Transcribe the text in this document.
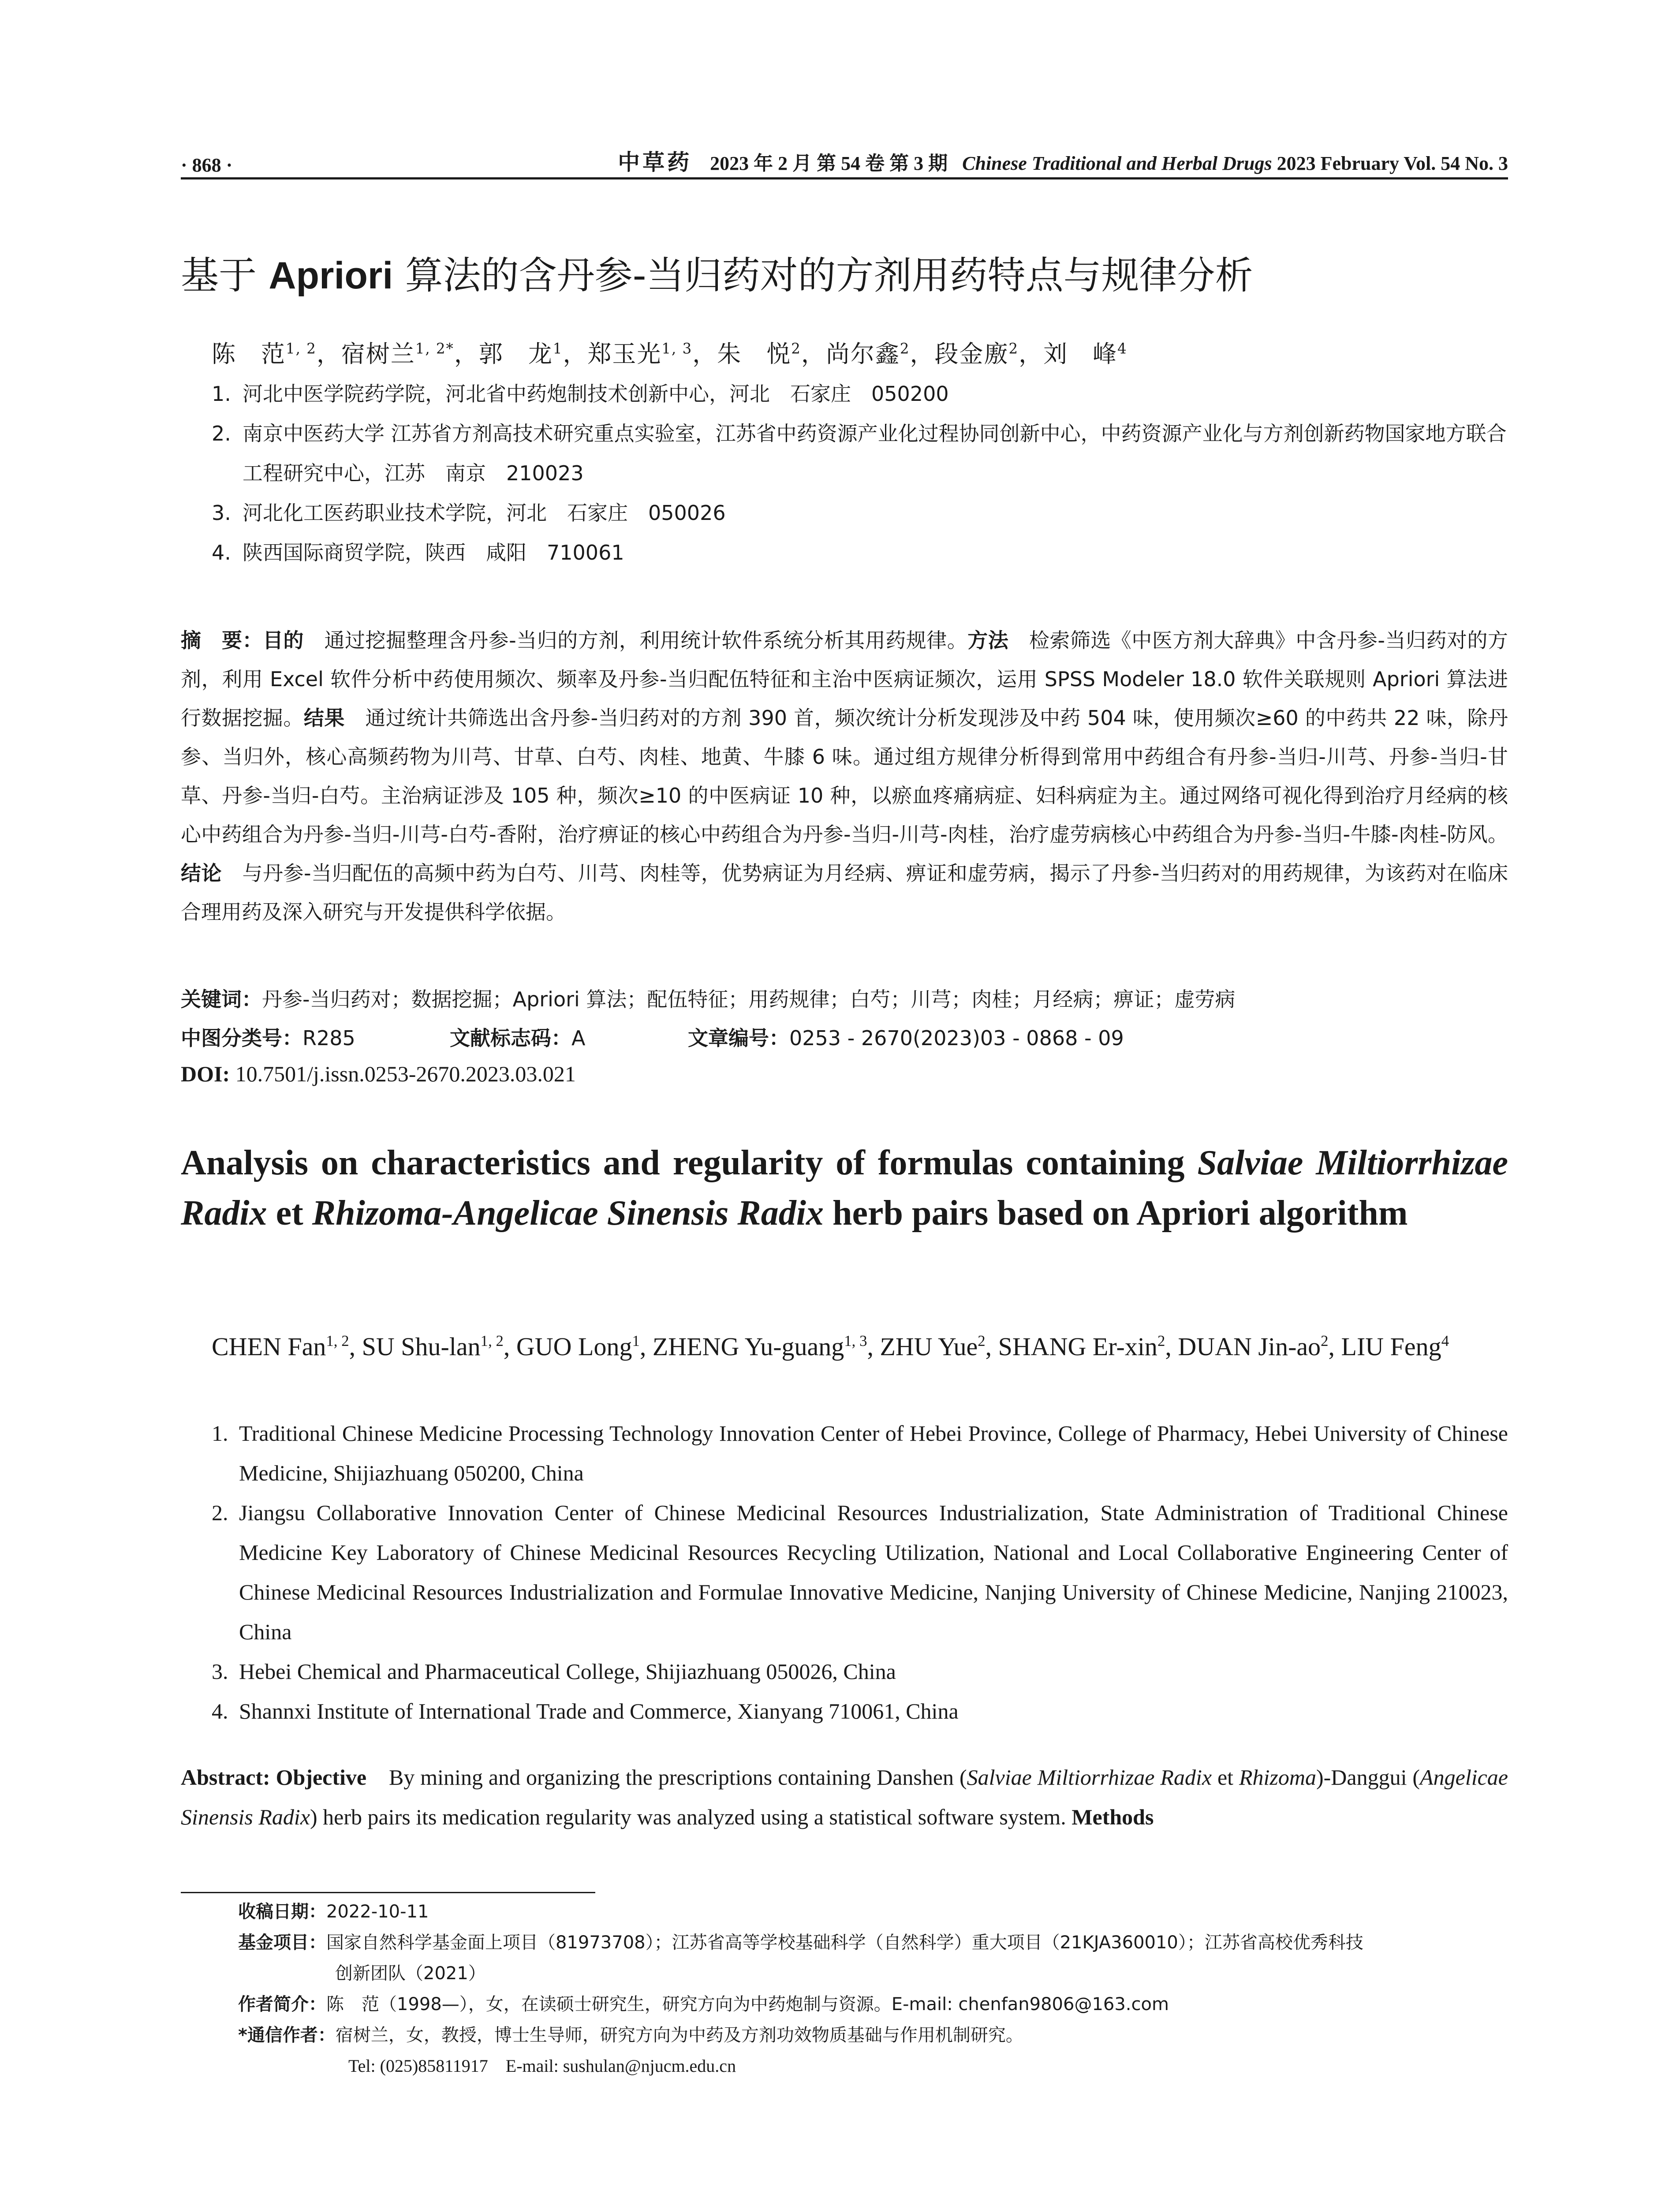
· 868 ·	中草药 2023 年 2 月 第 54 卷 第 3 期 Chinese Traditional and Herbal Drugs 2023 February Vol. 54 No. 3
基于 Apriori 算法的含丹参-当归药对的方剂用药特点与规律分析
陈　范$^{1, 2}$，宿树兰$^{1, 2*}$，郭　龙$^1$，郑玉光$^{1, 3}$，朱　悦$^2$，尚尔鑫$^2$，段金廒$^2$，刘　峰$^4$
1. 河北中医学院药学院，河北省中药炮制技术创新中心，河北　石家庄　050200
2. 南京中医药大学 江苏省方剂高技术研究重点实验室，江苏省中药资源产业化过程协同创新中心，中药资源产业化与方剂创新药物国家地方联合工程研究中心，江苏　南京　210023
3. 河北化工医药职业技术学院，河北　石家庄　050026
4. 陕西国际商贸学院，陕西　咸阳　710061
摘　要：目的　通过挖掘整理含丹参-当归的方剂，利用统计软件系统分析其用药规律。方法　检索筛选《中医方剂大辞典》中含丹参-当归药对的方剂，利用 Excel 软件分析中药使用频次、频率及丹参-当归配伍特征和主治中医病证频次，运用 SPSS Modeler 18.0 软件关联规则 Apriori 算法进行数据挖掘。结果　通过统计共筛选出含丹参-当归药对的方剂 390 首，频次统计分析发现涉及中药 504 味，使用频次≥60 的中药共 22 味，除丹参、当归外，核心高频药物为川芎、甘草、白芍、肉桂、地黄、牛膝 6 味。通过组方规律分析得到常用中药组合有丹参-当归-川芎、丹参-当归-甘草、丹参-当归-白芍。主治病证涉及 105 种，频次≥10 的中医病证 10 种，以瘀血疼痛病症、妇科病症为主。通过网络可视化得到治疗月经病的核心中药组合为丹参-当归-川芎-白芍-香附，治疗痹证的核心中药组合为丹参-当归-川芎-肉桂，治疗虚劳病核心中药组合为丹参-当归-牛膝-肉桂-防风。结论　与丹参-当归配伍的高频中药为白芍、川芎、肉桂等，优势病证为月经病、痹证和虚劳病，揭示了丹参-当归药对的用药规律，为该药对在临床合理用药及深入研究与开发提供科学依据。
关键词：丹参-当归药对；数据挖掘；Apriori 算法；配伍特征；用药规律；白芍；川芎；肉桂；月经病；痹证；虚劳病
中图分类号：R285	文献标志码：A	文章编号：0253 - 2670(2023)03 - 0868 - 09
DOI: 10.7501/j.issn.0253-2670.2023.03.021
Analysis on characteristics and regularity of formulas containing Salviae Miltiorrhizae Radix et Rhizoma-Angelicae Sinensis Radix herb pairs based on Apriori algorithm
CHEN Fan$^{1, 2}$, SU Shu-lan$^{1, 2}$, GUO Long$^1$, ZHENG Yu-guang$^{1, 3}$, ZHU Yue$^2$, SHANG Er-xin$^2$, DUAN Jin-$ao^2$, LIU Feng$^4$
1. Traditional Chinese Medicine Processing Technology Innovation Center of Hebei Province, College of Pharmacy, Hebei University of Chinese Medicine, Shijiazhuang 050200, China
2. Jiangsu Collaborative Innovation Center of Chinese Medicinal Resources Industrialization, State Administration of Traditional Chinese Medicine Key Laboratory of Chinese Medicinal Resources Recycling Utilization, National and Local Collaborative Engineering Center of Chinese Medicinal Resources Industrialization and Formulae Innovative Medicine, Nanjing University of Chinese Medicine, Nanjing 210023, China
3. Hebei Chemical and Pharmaceutical College, Shijiazhuang 050026, China
4. Shannxi Institute of International Trade and Commerce, Xianyang 710061, China
Abstract: Objective　By mining and organizing the prescriptions containing Danshen (Salviae Miltiorrhizae Radix et Rhizoma)-Danggui (Angelicae Sinensis Radix) herb pairs its medication regularity was analyzed using a statistical software system. Methods
收稿日期：2022-10-11
基金项目：国家自然科学基金面上项目（81973708）；江苏省高等学校基础科学（自然科学）重大项目（21KJA360010）；江苏省高校优秀科技
创新团队（2021）
作者简介：陈　范（1998—），女，在读硕士研究生，研究方向为中药炮制与资源。E-mail: chenfan9806@163.com
*通信作者：宿树兰，女，教授，博士生导师，研究方向为中药及方剂功效物质基础与作用机制研究。
Tel: (025)85811917　E-mail: sushulan@njucm.edu.cn
